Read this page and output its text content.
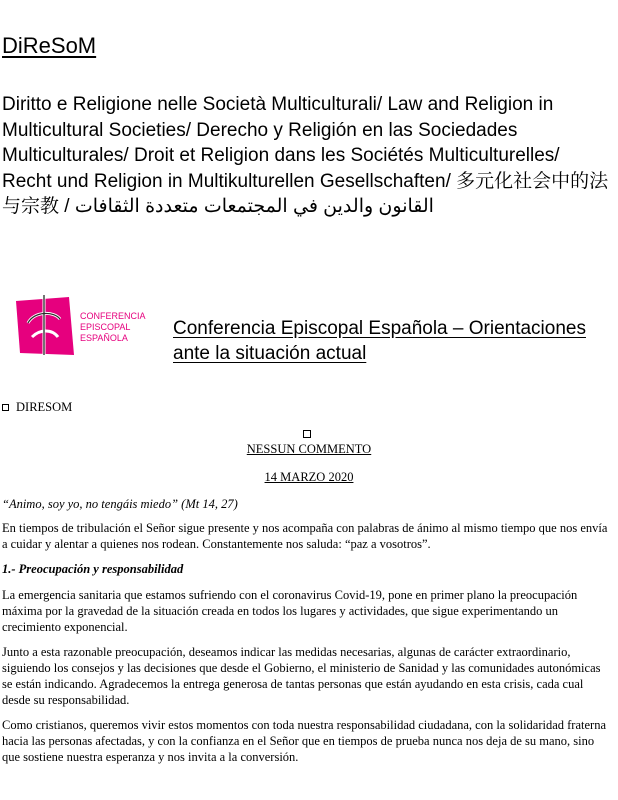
DiReSoM
Diritto e Religione nelle Società Multiculturali/ Law and Religion in Multicultural Societies/ Derecho y Religión en las Sociedades Multiculturales/ Droit et Religion dans les Sociétés Multiculturelles/ Recht und Religion in Multikulturellen Gesellschaften/ 多元化社会中的法与宗教 / القانون والدين في المجتمعات متعددة الثقافات
CONFERENCIA
EPISCOPAL
ESPAÑOLA Conferencia Episcopal Española – Orientaciones ante la situación actual
DIRESOM
NESSUN COMMENTO
14 MARZO 2020

“Animo, soy yo, no tengáis miedo” (Mt 14, 27)

En tiempos de tribulación el Señor sigue presente y nos acompaña con palabras de ánimo al mismo tiempo que nos envía a cuidar y alentar a quienes nos rodean. Constantemente nos saluda: “paz a vosotros”.

1.- Preocupación y responsabilidad

La emergencia sanitaria que estamos sufriendo con el coronavirus Covid-19, pone en primer plano la preocupación máxima por la gravedad de la situación creada en todos los lugares y actividades, que sigue experimentando un crecimiento exponencial.

Junto a esta razonable preocupación, deseamos indicar las medidas necesarias, algunas de carácter extraordinario, siguiendo los consejos y las decisiones que desde el Gobierno, el ministerio de Sanidad y las comunidades autonómicas se están indicando. Agradecemos la entrega generosa de tantas personas que están ayudando en esta crisis, cada cual desde su responsabilidad.

Como cristianos, queremos vivir estos momentos con toda nuestra responsabilidad ciudadana, con la solidaridad fraterna hacia las personas afectadas, y con la confianza en el Señor que en tiempos de prueba nunca nos deja de su mano, sino que sostiene nuestra esperanza y nos invita a la conversión.
